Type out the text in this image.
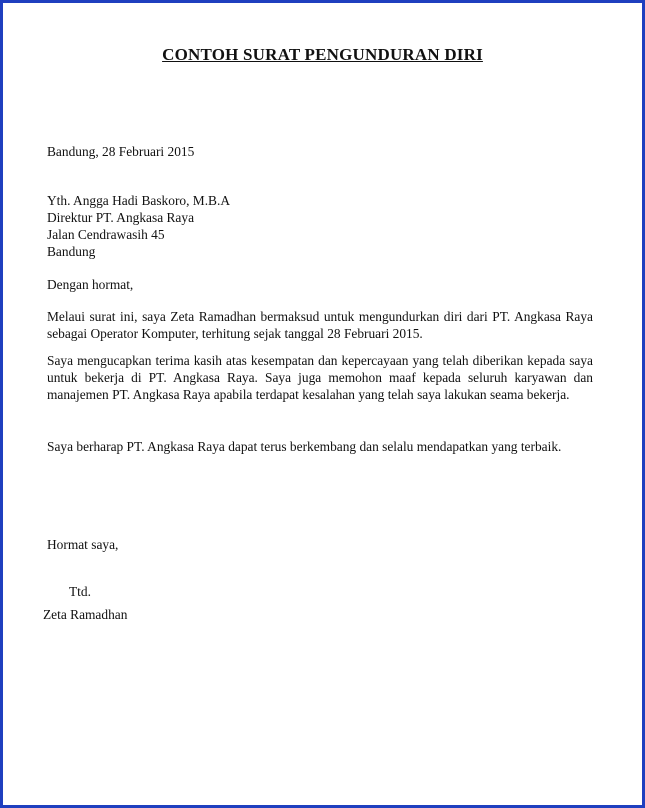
CONTOH SURAT PENGUNDURAN DIRI
Bandung, 28 Februari 2015
Yth. Angga Hadi Baskoro, M.B.A
Direktur PT. Angkasa Raya
Jalan Cendrawasih 45
Bandung
Dengan hormat,
Melaui surat ini, saya Zeta Ramadhan bermaksud untuk mengundurkan diri dari PT. Angkasa Raya sebagai Operator Komputer, terhitung sejak tanggal 28 Februari 2015.
Saya mengucapkan terima kasih atas kesempatan dan kepercayaan yang telah diberikan kepada saya untuk bekerja di PT. Angkasa Raya. Saya juga memohon maaf kepada seluruh karyawan dan manajemen PT. Angkasa Raya apabila terdapat kesalahan yang telah saya lakukan seama bekerja.
Saya berharap PT. Angkasa Raya dapat terus berkembang dan selalu mendapatkan yang terbaik.
Hormat saya,
Ttd.
Zeta Ramadhan
